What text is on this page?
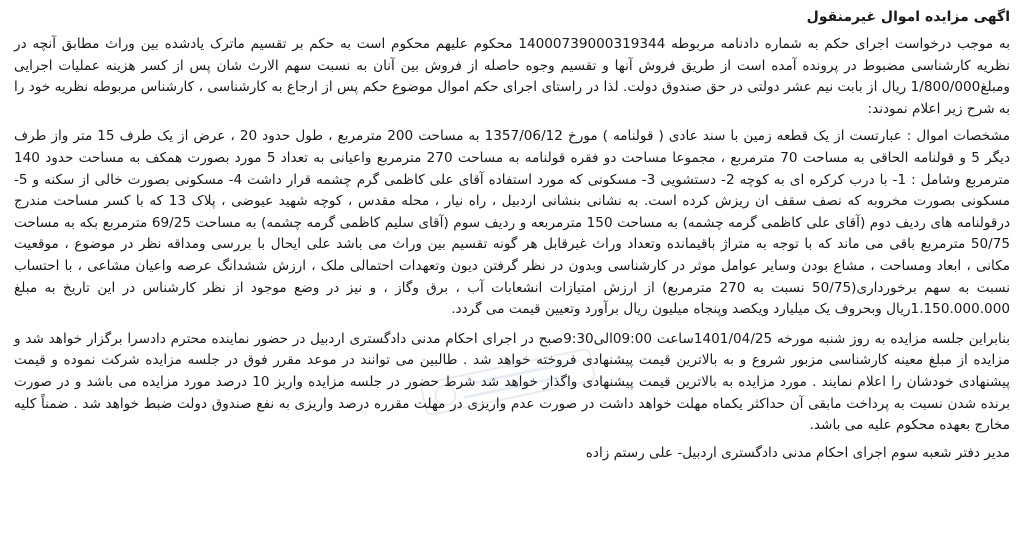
اگهی مزایده اموال غیرمنقول

به موجب درخواست اجرای حکم به شماره دادنامه مربوطه 14000739000319344 محکوم علیهم محکوم است به حکم بر تقسیم ماترک یادشده بین وراث مطابق آنچه در نظریه کارشناسی مضبوط در پرونده آمده است از طریق فروش آنها و تقسیم وجوه حاصله از فروش بین آنان به نسبت سهم الارث شان پس از کسر هزینه عملیات اجرایی ومبلغ1/800/000 ریال از بابت نیم عشر دولتی در حق صندوق دولت. لذا در راستای اجرای حکم اموال موضوع حکم پس از ارجاع به کارشناسی ، کارشناس مربوطه نظریه خود را به شرح زیر اعلام نمودند:

مشخصات اموال : عبارتست از یک قطعه زمین با سند عادی ( قولنامه ) مورخ 1357/06/12 به مساحت 200 مترمربع ، طول حدود 20 ، عرض از یک طرف 15 متر واز طرف دیگر 5 و قولنامه الحاقی به مساحت 70 مترمربع ، مجموعا مساحت دو فقره قولنامه به مساحت 270 مترمربع واعیانی به تعداد 5 مورد بصورت همکف به مساحت حدود 140 مترمربع وشامل : 1- با درب کرکره ای به کوچه 2- دستشویی 3- مسکونی که مورد استفاده آقای علی کاظمی گرم چشمه قرار داشت 4- مسکونی بصورت خالی از سکنه و 5- مسکونی بصورت مخروبه که نصف سقف ان ریزش کرده است. به نشانی بنشانی اردبیل ، راه نیار ، محله مقدس ، کوچه شهید عیوضی ، پلاک 13 که با کسر مساحت مندرج درقولنامه های ردیف دوم (آقای علی کاظمی گرمه چشمه) به مساحت 150 مترمربعه و ردیف سوم (آقای سلیم کاظمی گرمه چشمه) به مساحت 69/25 مترمربع بکه به مساحت 50/75 مترمربع باقی می ماند که با توجه به متراژ باقیمانده وتعداد وراث غیرقابل هر گونه تقسیم بین وراث می باشد علی ایحال با بررسی ومداقه نظر در موضوع ، موقعیت مکانی ، ابعاد ومساحت ، مشاع بودن وسایر عوامل موثر در کارشناسی وبدون در نظر گرفتن دیون وتعهدات احتمالی ملک ، ارزش ششدانگ عرصه واعیان مشاعی ، با احتساب نسبت به سهم برخورداری(50/75 نسبت به 270 مترمربع) از ارزش امتیازات انشعابات آب ، برق وگاز ، و نیز در وضع موجود از نظر کارشناس در این تاریخ به مبلغ 1.150.000.000ریال وبحروف یک میلیارد ویکصد وپنجاه میلیون ریال برآورد وتعیین قیمت می گردد.

بنابراین جلسه مزایده به روز شنبه مورخه 1401/04/25ساعت 09:00الی9:30صبح در اجرای احکام مدنی دادگستری اردبیل در حضور نماینده محترم دادسرا برگزار خواهد شد و مزایده از مبلغ معینه کارشناسی مزبور شروع و به بالاترین قیمت پیشنهادی فروخته خواهد شد . طالبین می توانند در موعد مقرر فوق در جلسه مزایده شرکت نموده و قیمت پیشنهادی خودشان را اعلام نمایند . مورد مزایده به بالاترین قیمت پیشنهادی واگذار خواهد شد شرط حضور در جلسه مزایده واریز 10 درصد مورد مزایده می باشد و در صورت برنده شدن نسبت به پرداخت مابقی آن حداکثر یکماه مهلت خواهد داشت در صورت عدم واریزی در مهلت مقرره درصد واریزی به نفع صندوق دولت ضبط خواهد شد . ضمناً کلیه مخارج بعهده محکوم علیه می باشد.

مدیر دفتر شعبه سوم اجرای احکام مدنی دادگستری اردبیل- علی رستم زاده
